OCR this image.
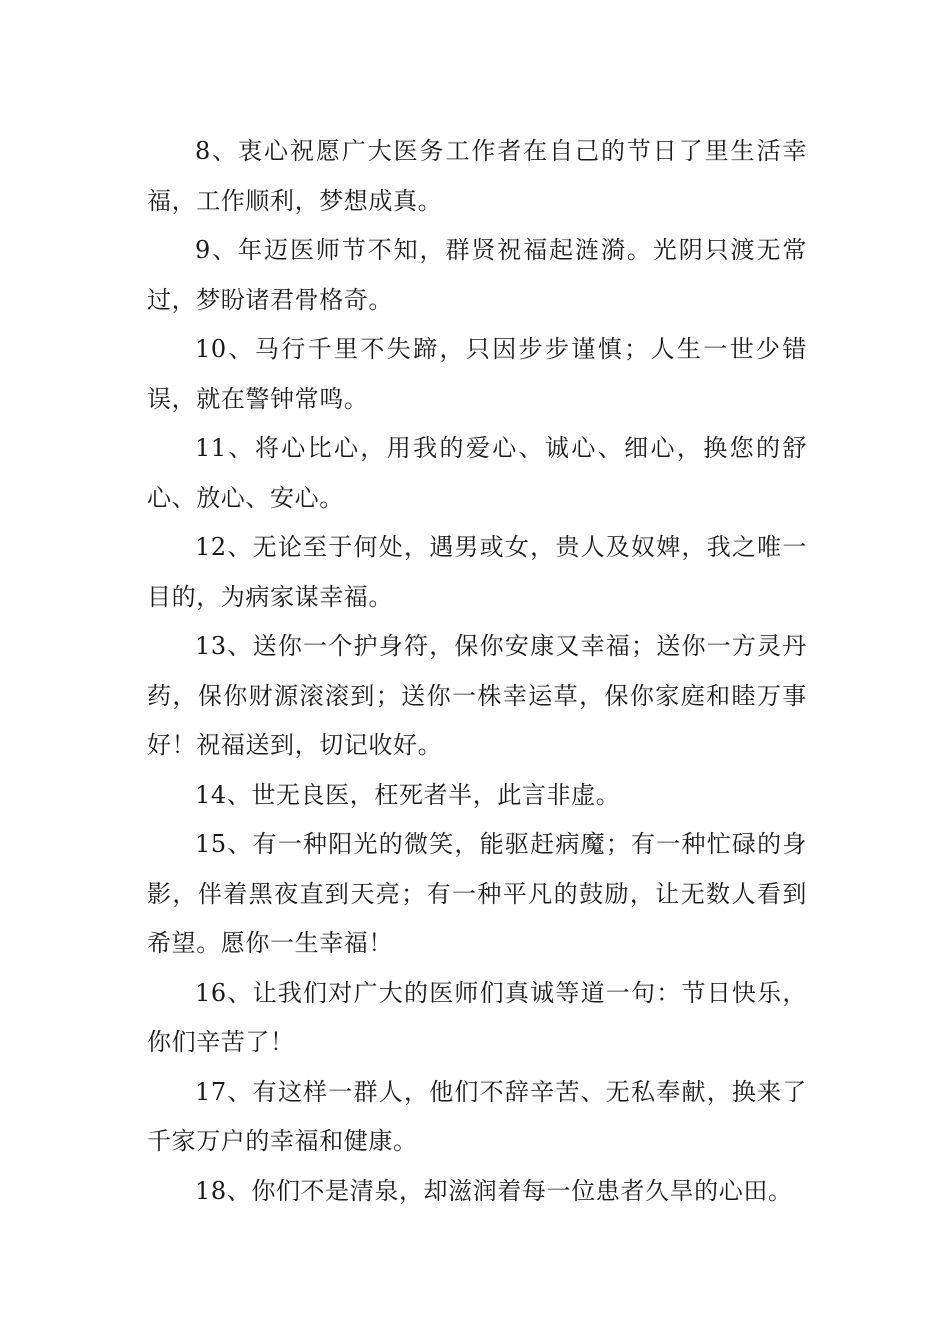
8、衷心祝愿广大医务工作者在自己的节日了里生活幸福，工作顺利，梦想成真。

9、年迈医师节不知，群贤祝福起涟漪。光阴只渡无常过，梦盼诸君骨格奇。

10、马行千里不失蹄，只因步步谨慎；人生一世少错误，就在警钟常鸣。

11、将心比心，用我的爱心、诚心、细心，换您的舒心、放心、安心。

12、无论至于何处，遇男或女，贵人及奴婢，我之唯一目的，为病家谋幸福。

13、送你一个护身符，保你安康又幸福；送你一方灵丹药，保你财源滚滚到；送你一株幸运草，保你家庭和睦万事好！祝福送到，切记收好。

14、世无良医，枉死者半，此言非虚。

15、有一种阳光的微笑，能驱赶病魔；有一种忙碌的身影，伴着黑夜直到天亮；有一种平凡的鼓励，让无数人看到希望。愿你一生幸福！

16、让我们对广大的医师们真诚等道一句：节日快乐，你们辛苦了！

17、有这样一群人，他们不辞辛苦、无私奉献，换来了千家万户的幸福和健康。

18、你们不是清泉，却滋润着每一位患者久旱的心田。
